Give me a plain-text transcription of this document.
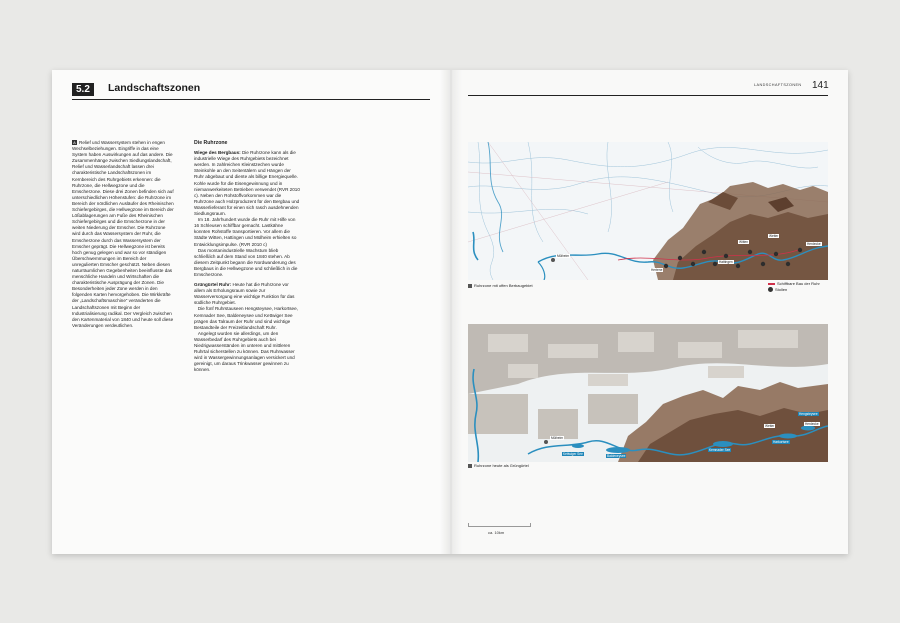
5.2	Landschaftszonen

A Relief und Wassersystem stehen in engen Wechselbeziehungen. Eingriffe in das eine System haben Auswirkungen auf das andere. Die Zusammenhänge zwischen Siedlungslandschaft, Relief und Wasserlandschaft lassen drei charakteristische Landschaftszonen im Kernbereich des Ruhrgebiets erkennen: die Ruhrzone, die Hellwegzone und die Emscherzone. Diese drei Zonen befinden sich auf unterschiedlichen Höhenstufen: die Ruhrzone im Bereich der nördlichen Ausläufer des Rheinischen Schiefergebirges, die Hellwegzone im Bereich der Lößablagerungen am Fuße des Rheinischen Schiefergebirges und die Emscherzone in der weiten Niederung der Emscher. Die Ruhrzone wird durch das Wassersystem der Ruhr, die Emscherzone durch das Wassersystem der Emscher geprägt. Die Hellwegzone ist bereits hoch genug gelegen und war so vor ständigen Überschwemmungen im Bereich der unregulierten Emscher geschützt. Neben diesen naturräumlichen Gegebenheiten beeinflusste das menschliche Handeln und Wirtschaften die charakteristische Ausprägung der Zonen. Die Besonderheiten jeder Zone werden in den folgenden Karten hervorgehoben. Die Wirkkräfte der „Landschaftsmaschine“ veränderten die Landschaftszonen mit Beginn der Industrialisierung radikal. Der Vergleich zwischen den Kartenmaterial von 1840 und heute soll diese Veränderungen verdeutlichen.

Die Ruhrzone

Wiege des Bergbaus: Die Ruhrzone kann als die industrielle Wiege des Ruhrgebiets bezeichnet werden. In zahlreichen Kleinstzechen wurde Steinkohle an den Seitentälern und Hängen der Ruhr abgebaut und diente als billige Energiequelle. Kohle wurde für die Eisengewinnung und in niemanwerkeiteten Betrieben verwendet (RVR 2010 c). Neben den Rohstoffvorkommen war die Ruhrzone auch Holzproduzent für den Bergbau und Wasserlieferant für einen sich rasch ausdehnenden Siedlungsraum.

Im 18. Jahrhundert wurde die Ruhr mit Hilfe von 16 Schleusen schiffbar gemacht. Lastkähne konnten Rohstoffe transportieren. Vor allem die Städte Witten, Hattingen und Mülheim erhielten so Entwicklungsimpulse. (RVR 2010 c)

Das montanindustrielle Wachstum blieb schließlich auf dem Stand von 1840 stehen. Ab diesem Zeitpunkt begann die Nordwanderung des Bergbaus in die Hellwegzone und schließlich in die Emscherzone.

Grüngürtel Ruhr: Heute hat die Ruhrzone vor allem als Erholungsraum sowie zur Wasserversorgung eine wichtige Funktion für das südliche Ruhrgebiet.

Die fünf Ruhrstauseen Hengsteysee, Harkortsee, Kemnader See, Baldeneysee und Kettwiger See prägen das Talraum der Ruhr und sind wichtige Bestandteile der Freizeitlandschaft Ruhr.

Angelegt wurden sie allerdings, um den Wasserbedarf des Ruhrgebiets auch bei Niedrigwasserständen im unteren und mittleren Ruhrtal sicherstellen zu können. Das Ruhrwasser wird in Wassergewinnungsanlagen versickert und gereinigt, um daraus Trinkwasser gewinnen zu können.

LANDSCHAFTSZONEN 141
Mülheim
Hattingen
Witten
Hertene
Wetter
Herdecke
Ruhrzone mit offen Berbaugebiet	Schiffbare Bau der Ruhr
Stollen
Mülheim
Kettwiger See	Baldeneysee
Kemnader See
Harkortsee
Hengsteysee
Wetter	Herdecke
Ruhrzone heute als Grüngürtel
ca. 10km
